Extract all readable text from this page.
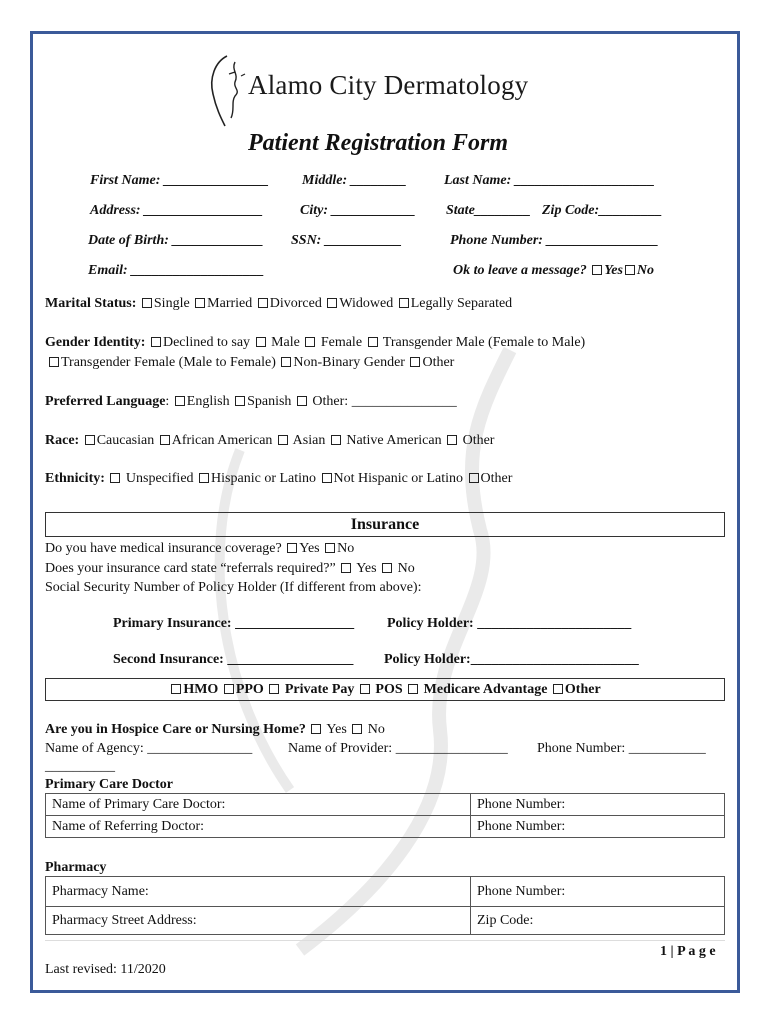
Alamo City Dermatology
Patient Registration Form
First Name: _______________ Middle: ________	Last Name: ____________________
Address: _________________	City: ____________ State________ Zip Code:_________
Date of Birth: _____________ SSN: ___________	Phone Number: ________________
Email: ___________________	Ok to leave a message? Yes No
Marital Status: Single Married Divorced Widowed Legally Separated
Gender Identity: Declined to say Male Female Transgender Male (Female to Male)
Transgender Female (Male to Female) Non-Binary Gender Other
Preferred Language: English Spanish Other: _______________
Race: Caucasian African American Asian Native American Other
Ethnicity: Unspecified Hispanic or Latino Not Hispanic or Latino Other
Insurance
Do you have medical insurance coverage? Yes No
Does your insurance card state “referrals required?” Yes No
Social Security Number of Policy Holder (If different from above):
Primary Insurance: _________________ Policy Holder: ______________________
Second Insurance: __________________ Policy Holder:________________________
HMO PPO Private Pay POS Medicare Advantage Other
Are you in Hospice Care or Nursing Home? Yes No
Name of Agency: _______________	Name of Provider: ________________ Phone Number: ___________
__________
Primary Care Doctor
Name of Primary Care Doctor:	Phone Number:
Name of Referring Doctor:	Phone Number:
Pharmacy
Pharmacy Name:	Phone Number:
Pharmacy Street Address:	Zip Code:
1 | P a g e
Last revised: 11/2020
